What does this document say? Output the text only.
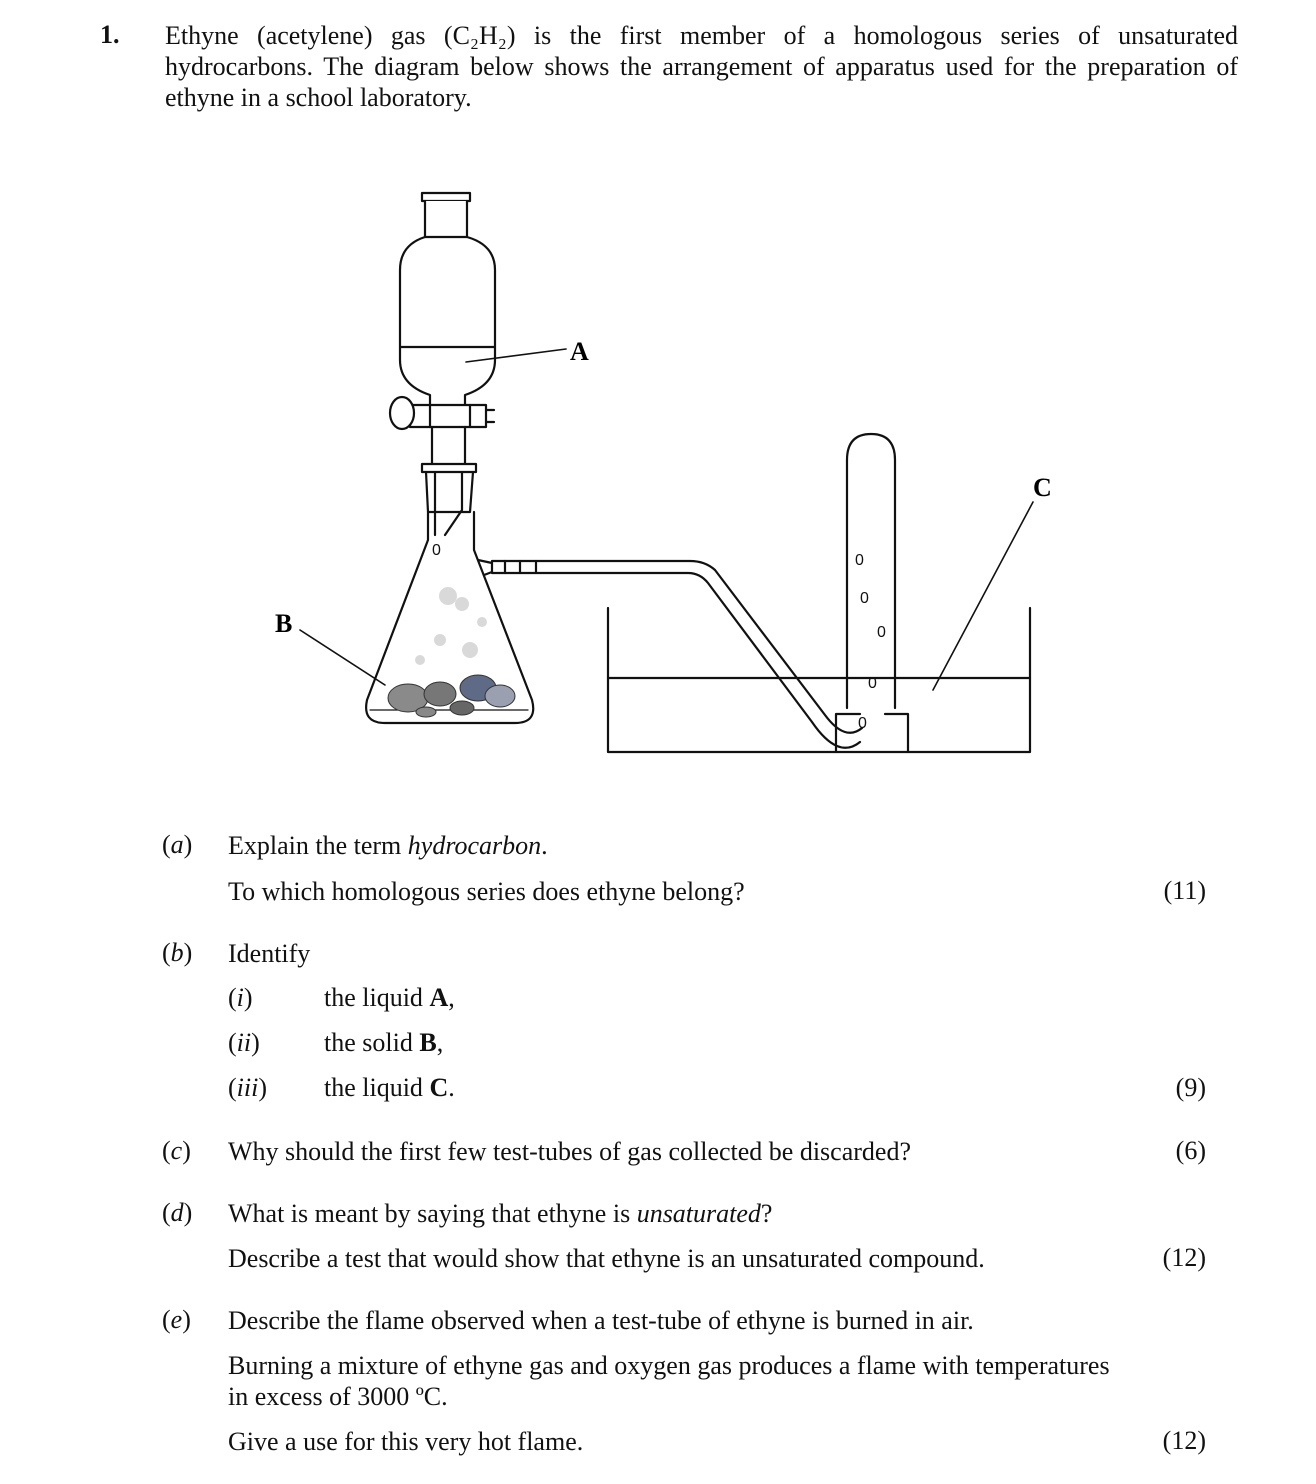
1. Ethyne (acetylene) gas (C₂H₂) is the first member of a homologous series of unsaturated
hydrocarbons. The diagram below shows the arrangement of apparatus used for the preparation of
ethyne in a school laboratory.
0
0
0
0
0
0
A
B
C
(a) Explain the term hydrocarbon.
To which homologous series does ethyne belong?	(11)
(b) Identify
(i)	the liquid A,
(ii) the solid B,
(iii) the liquid C.	(9)
(c) Why should the first few test-tubes of gas collected be discarded?	(6)
(d) What is meant by saying that ethyne is unsaturated?
Describe a test that would show that ethyne is an unsaturated compound.	(12)
(e) Describe the flame observed when a test-tube of ethyne is burned in air.
Burning a mixture of ethyne gas and oxygen gas produces a flame with temperatures
in excess of 3000 ºC.
Give a use for this very hot flame.	(12)
